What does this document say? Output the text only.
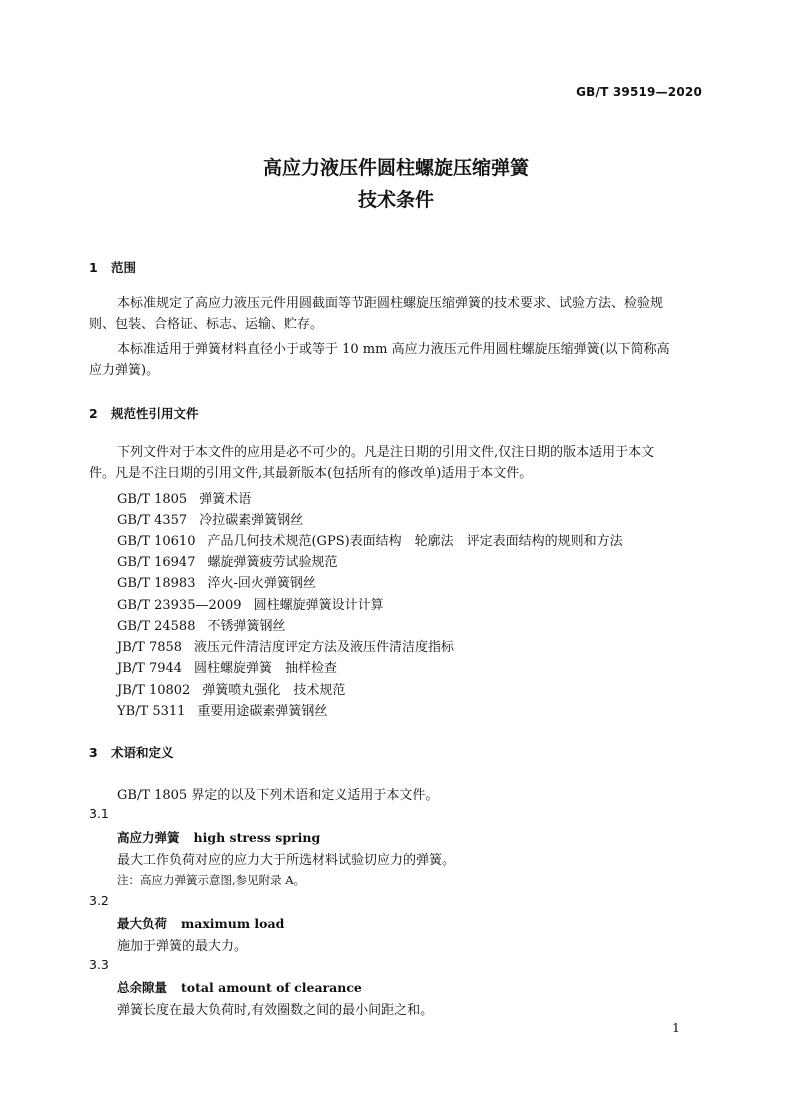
GB/T 39519—2020
高应力液压件圆柱螺旋压缩弹簧
技术条件
1 范围
本标准规定了高应力液压元件用圆截面等节距圆柱螺旋压缩弹簧的技术要求、试验方法、检验规
则、包装、合格证、标志、运输、贮存。
本标准适用于弹簧材料直径小于或等于 10 mm 高应力液压元件用圆柱螺旋压缩弹簧(以下简称高
应力弹簧)。
2 规范性引用文件
下列文件对于本文件的应用是必不可少的。凡是注日期的引用文件,仅注日期的版本适用于本文
件。凡是不注日期的引用文件,其最新版本(包括所有的修改单)适用于本文件。
GB/T 1805 弹簧术语
GB/T 4357 冷拉碳素弹簧钢丝
GB/T 10610 产品几何技术规范(GPS)表面结构　轮廓法　评定表面结构的规则和方法
GB/T 16947 螺旋弹簧疲劳试验规范
GB/T 18983 淬火-回火弹簧钢丝
GB/T 23935—2009 圆柱螺旋弹簧设计计算
GB/T 24588 不锈弹簧钢丝
JB/T 7858 液压元件清洁度评定方法及液压件清洁度指标
JB/T 7944 圆柱螺旋弹簧　抽样检查
JB/T 10802 弹簧喷丸强化　技术规范
YB/T 5311 重要用途碳素弹簧钢丝
3 术语和定义
GB/T 1805 界定的以及下列术语和定义适用于本文件。
3.1
高应力弹簧 high stress spring
最大工作负荷对应的应力大于所选材料试验切应力的弹簧。
注：高应力弹簧示意图,参见附录 A。
3.2
最大负荷 maximum load
施加于弹簧的最大力。
3.3
总余隙量 total amount of clearance
弹簧长度在最大负荷时,有效圈数之间的最小间距之和。
1
